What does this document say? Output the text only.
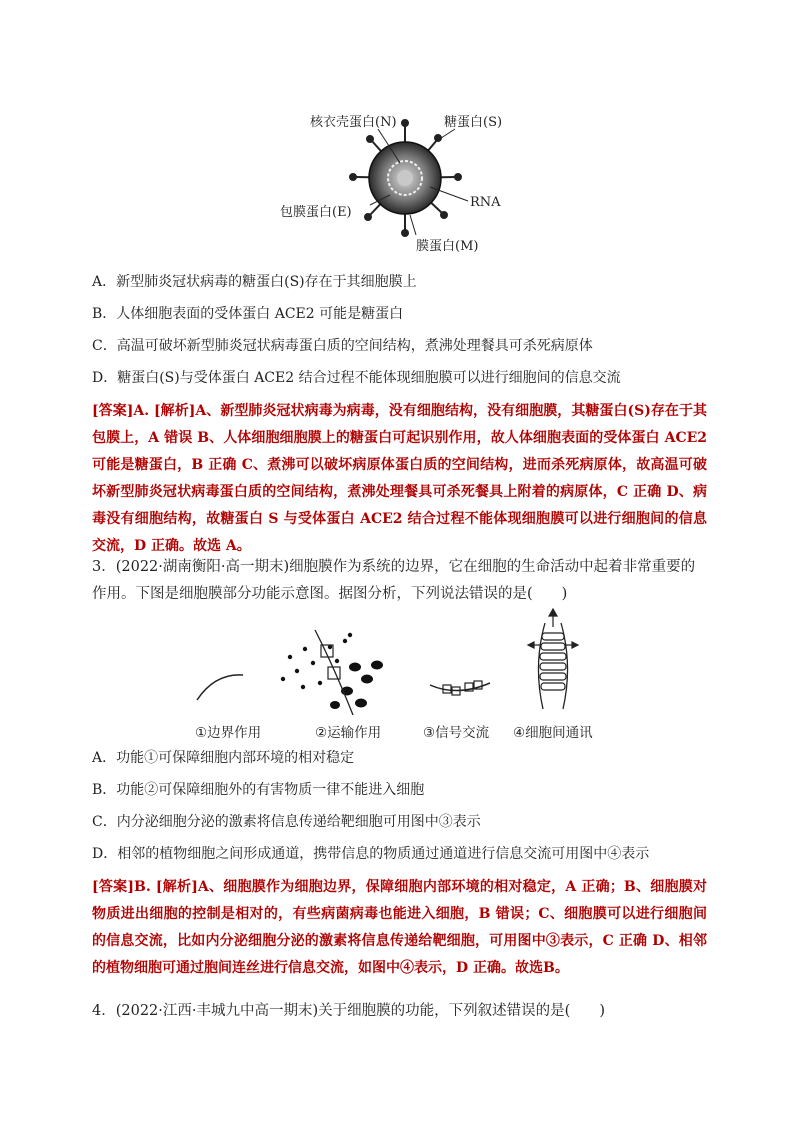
核衣壳蛋白(N)	糖蛋白(S)
RNA
包膜蛋白(E)
膜蛋白(M)
A．新型肺炎冠状病毒的糖蛋白(S)存在于其细胞膜上
B．人体细胞表面的受体蛋白 ACE2 可能是糖蛋白
C．高温可破坏新型肺炎冠状病毒蛋白质的空间结构，煮沸处理餐具可杀死病原体
D．糖蛋白(S)与受体蛋白 ACE2 结合过程不能体现细胞膜可以进行细胞间的信息交流
[答案]A. [解析]A、新型肺炎冠状病毒为病毒，没有细胞结构，没有细胞膜，其糖蛋白(S)存在于其包膜上，A 错误 B、人体细胞细胞膜上的糖蛋白可起识别作用，故人体细胞表面的受体蛋白 ACE2 可能是糖蛋白，B 正确 C、煮沸可以破坏病原体蛋白质的空间结构，进而杀死病原体，故高温可破坏新型肺炎冠状病毒蛋白质的空间结构，煮沸处理餐具可杀死餐具上附着的病原体，C 正确 D、病毒没有细胞结构，故糖蛋白 S 与受体蛋白 ACE2 结合过程不能体现细胞膜可以进行细胞间的信息交流，D 正确。故选 A。
3．(2022·湖南衡阳·高一期末)细胞膜作为系统的边界，它在细胞的生命活动中起着非常重要的作用。下图是细胞膜部分功能示意图。据图分析，下列说法错误的是(　　)
①边界作用	②运输作用	③信号交流 ④细胞间通讯
A．功能①可保障细胞内部环境的相对稳定
B．功能②可保障细胞外的有害物质一律不能进入细胞
C．内分泌细胞分泌的激素将信息传递给靶细胞可用图中③表示
D．相邻的植物细胞之间形成通道，携带信息的物质通过通道进行信息交流可用图中④表示
[答案]B. [解析]A、细胞膜作为细胞边界，保障细胞内部环境的相对稳定，A 正确；B、细胞膜对物质进出细胞的控制是相对的，有些病菌病毒也能进入细胞，B 错误；C、细胞膜可以进行细胞间的信息交流，比如内分泌细胞分泌的激素将信息传递给靶细胞，可用图中③表示，C 正确 D、相邻的植物细胞可通过胞间连丝进行信息交流，如图中④表示，D 正确。故选B。
4．(2022·江西·丰城九中高一期末)关于细胞膜的功能，下列叙述错误的是(　　)
